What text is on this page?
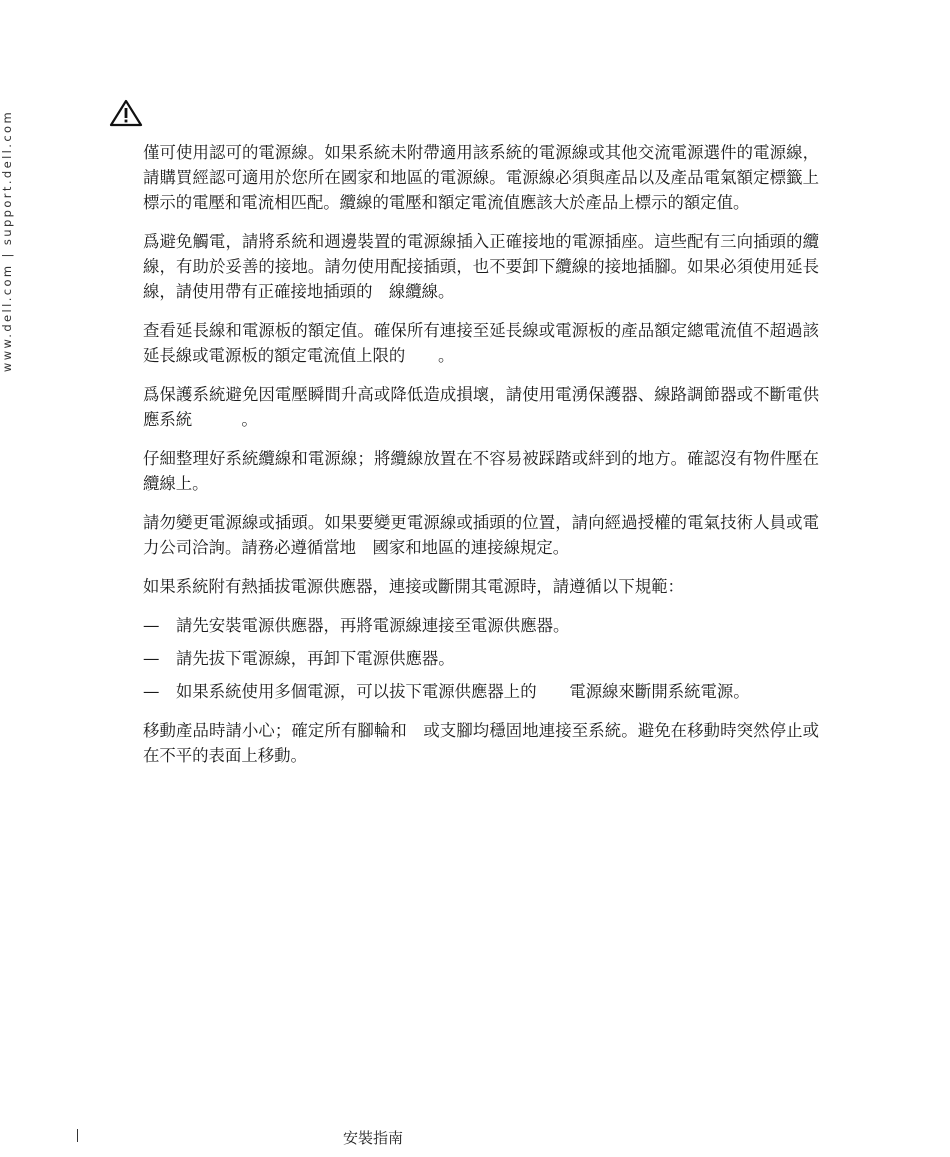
www.dell.com | support.dell.com	僅可使用認可的電源線。如果系統未附帶適用該系統的電源線或其他交流電源選件的電源線，請購買經認可適用於您所在國家和地區的電源線。電源線必須與產品以及產品電氣額定標籤上標示的電壓和電流相匹配。纜線的電壓和額定電流值應該大於產品上標示的額定值。

爲避免觸電，請將系統和週邊裝置的電源線插入正確接地的電源插座。這些配有三向插頭的纜線，有助於妥善的接地。請勿使用配接插頭，也不要卸下纜線的接地插腳。如果必須使用延長線，請使用帶有正確接地插頭的　線纜線。

查看延長線和電源板的額定值。確保所有連接至延長線或電源板的產品額定總電流值不超過該延長線或電源板的額定電流值上限的　　。

爲保護系統避免因電壓瞬間升高或降低造成損壞，請使用電湧保護器、線路調節器或不斷電供應系統　　　。

仔細整理好系統纜線和電源線；將纜線放置在不容易被踩踏或絆到的地方。確認沒有物件壓在纜線上。

請勿變更電源線或插頭。如果要變更電源線或插頭的位置，請向經過授權的電氣技術人員或電力公司洽詢。請務必遵循當地　國家和地區的連接線規定。

如果系統附有熱插拔電源供應器，連接或斷開其電源時，請遵循以下規範：

—	請先安裝電源供應器，再將電源線連接至電源供應器。
—	請先拔下電源線，再卸下電源供應器。
—	如果系統使用多個電源，可以拔下電源供應器上的　　電源線來斷開系統電源。

移動產品時請小心；確定所有腳輪和　或支腳均穩固地連接至系統。避免在移動時突然停止或在不平的表面上移動。

安裝指南
